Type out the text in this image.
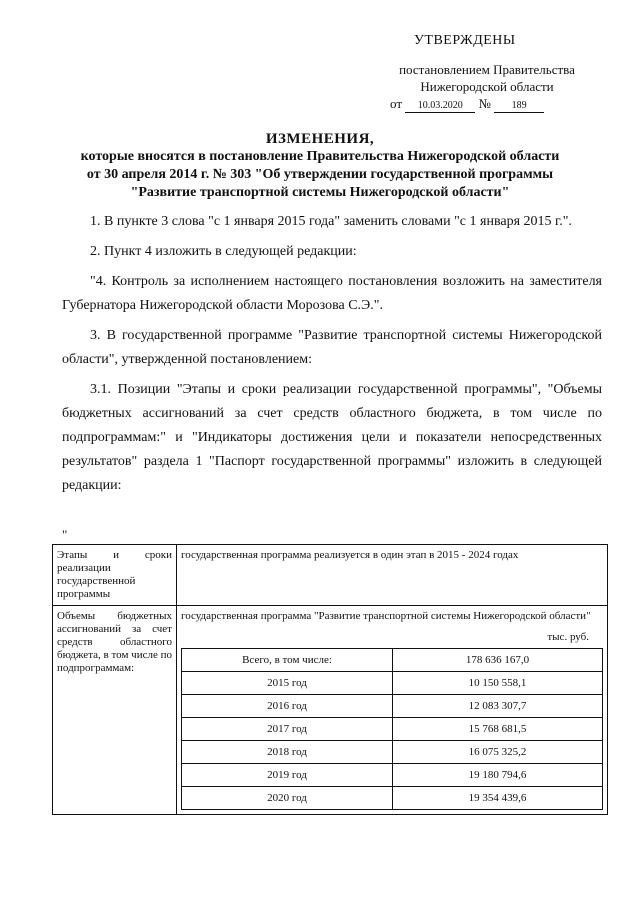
УТВЕРЖДЕНЫ
постановлением Правительства
Нижегородской области
от 10.03.2020 № 189
ИЗМЕНЕНИЯ,
которые вносятся в постановление Правительства Нижегородской области
от 30 апреля 2014 г. № 303 "Об утверждении государственной программы
"Развитие транспортной системы Нижегородской области"

1. В пункте 3 слова "с 1 января 2015 года" заменить словами "с 1 января 2015 г.".

2. Пункт 4 изложить в следующей редакции:

"4. Контроль за исполнением настоящего постановления возложить на заместителя Губернатора Нижегородской области Морозова С.Э.".

3. В государственной программе "Развитие транспортной системы Нижегородской области", утвержденной постановлением:

3.1. Позиции "Этапы и сроки реализации государственной программы", "Объемы бюджетных ассигнований за счет средств областного бюджета, в том числе по подпрограммам:" и "Индикаторы достижения цели и показатели непосредственных результатов" раздела 1 "Паспорт государственной программы" изложить в следующей редакции:

"
Этапы и сроки реализации государственной программы	государственная программа реализуется в один этап в 2015 - 2024 годах
Объемы бюджетных ассигнований за счет средств областного бюджета, в том числе по подпрограммам:	
государственная программа "Развитие транспортной системы Нижегородской области"
тыс. руб.
Всего, в том числе:	178 636 167,0
2015 год	10 150 558,1
2016 год	12 083 307,7
2017 год	15 768 681,5
2018 год	16 075 325,2
2019 год	19 180 794,6
2020 год	19 354 439,6
